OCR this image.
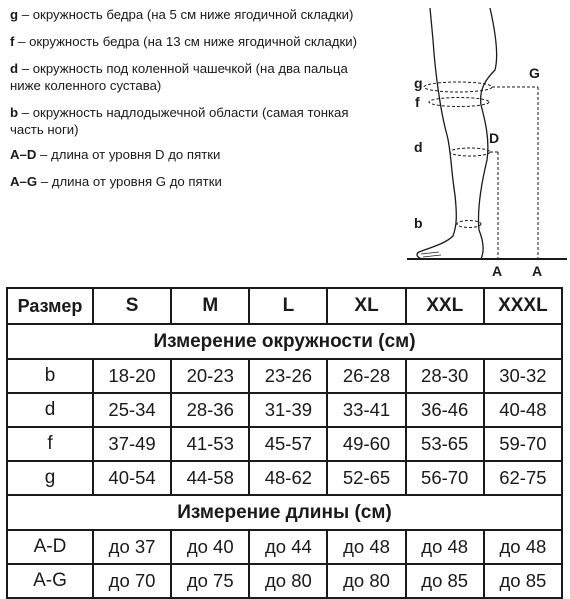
g – окружность бедра (на 5 см ниже ягодичной складки)

f – окружность бедра (на 13 см ниже ягодичной складки)

d – окружность под коленной чашечкой (на два пальца ниже коленного сустава)

b – окружность надлодыжечной области (самая тонкая часть ноги)

A–D – длина от уровня D до пятки

A–G – длина от уровня G до пятки

g
f
d
b
G
D
A A
Размер	S	M	L	XL	XXL	XXXL
Измерение окружности (см)						
b	18-20	20-23	23-26	26-28	28-30	30-32
d	25-34	28-36	31-39	33-41	36-46	40-48
f	37-49	41-53	45-57	49-60	53-65	59-70
g	40-54	44-58	48-62	52-65	56-70	62-75
Измерение длины (см)						
A-D	до 37	до 40	до 44	до 48	до 48	до 48
A-G	до 70	до 75	до 80	до 80	до 85	до 85
